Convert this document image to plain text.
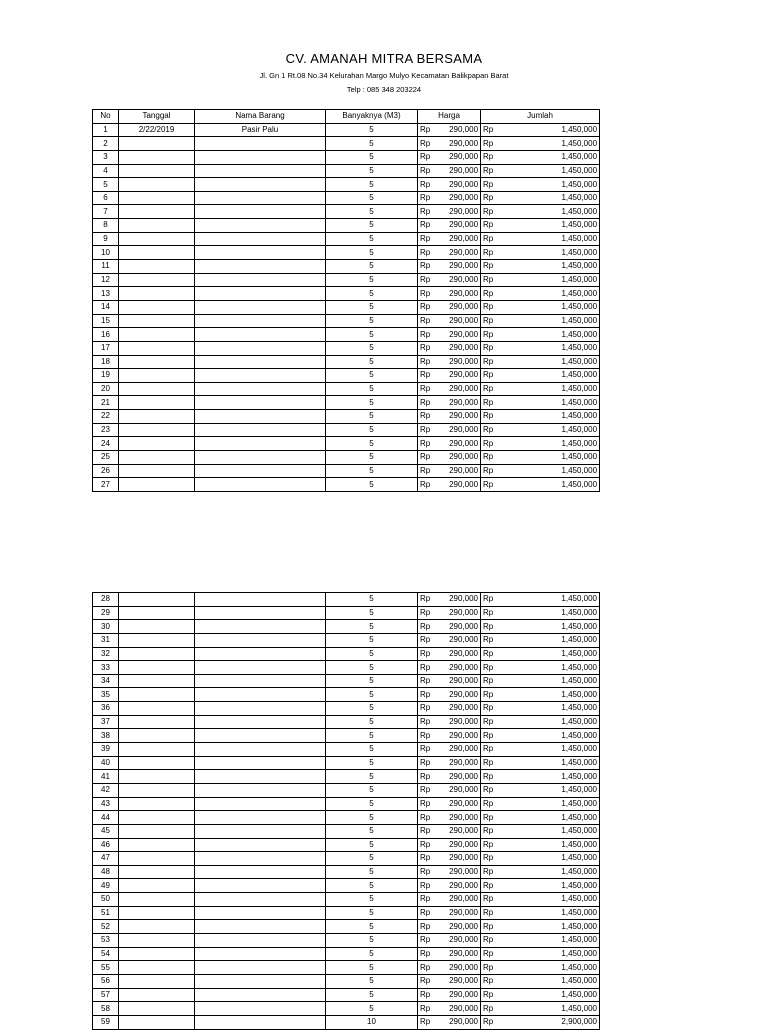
CV. AMANAH MITRA BERSAMA
Jl. Gn 1 Rt.08 No.34 Kelurahan Margo Mulyo Kecamatan Balikpapan Barat
Telp : 085 348 203224
No	Tanggal	Nama Barang	Banyaknya (M3)	Harga		Jumlah	
1	2/22/2019	Pasir Palu	5	Rp	290,000	Rp	1,450,000
2			5	Rp	290,000	Rp	1,450,000
3			5	Rp	290,000	Rp	1,450,000
4			5	Rp	290,000	Rp	1,450,000
5			5	Rp	290,000	Rp	1,450,000
6			5	Rp	290,000	Rp	1,450,000
7			5	Rp	290,000	Rp	1,450,000
8			5	Rp	290,000	Rp	1,450,000
9			5	Rp	290,000	Rp	1,450,000
10			5	Rp	290,000	Rp	1,450,000
11			5	Rp	290,000	Rp	1,450,000
12			5	Rp	290,000	Rp	1,450,000
13			5	Rp	290,000	Rp	1,450,000
14			5	Rp	290,000	Rp	1,450,000
15			5	Rp	290,000	Rp	1,450,000
16			5	Rp	290,000	Rp	1,450,000
17			5	Rp	290,000	Rp	1,450,000
18			5	Rp	290,000	Rp	1,450,000
19			5	Rp	290,000	Rp	1,450,000
20			5	Rp	290,000	Rp	1,450,000
21			5	Rp	290,000	Rp	1,450,000
22			5	Rp	290,000	Rp	1,450,000
23			5	Rp	290,000	Rp	1,450,000
24			5	Rp	290,000	Rp	1,450,000
25			5	Rp	290,000	Rp	1,450,000
26			5	Rp	290,000	Rp	1,450,000
27			5	Rp	290,000	Rp	1,450,000
28			5	Rp	290,000	Rp	1,450,000
29			5	Rp	290,000	Rp	1,450,000
30			5	Rp	290,000	Rp	1,450,000
31			5	Rp	290,000	Rp	1,450,000
32			5	Rp	290,000	Rp	1,450,000
33			5	Rp	290,000	Rp	1,450,000
34			5	Rp	290,000	Rp	1,450,000
35			5	Rp	290,000	Rp	1,450,000
36			5	Rp	290,000	Rp	1,450,000
37			5	Rp	290,000	Rp	1,450,000
38			5	Rp	290,000	Rp	1,450,000
39			5	Rp	290,000	Rp	1,450,000
40			5	Rp	290,000	Rp	1,450,000
41			5	Rp	290,000	Rp	1,450,000
42			5	Rp	290,000	Rp	1,450,000
43			5	Rp	290,000	Rp	1,450,000
44			5	Rp	290,000	Rp	1,450,000
45			5	Rp	290,000	Rp	1,450,000
46			5	Rp	290,000	Rp	1,450,000
47			5	Rp	290,000	Rp	1,450,000
48			5	Rp	290,000	Rp	1,450,000
49			5	Rp	290,000	Rp	1,450,000
50			5	Rp	290,000	Rp	1,450,000
51			5	Rp	290,000	Rp	1,450,000
52			5	Rp	290,000	Rp	1,450,000
53			5	Rp	290,000	Rp	1,450,000
54			5	Rp	290,000	Rp	1,450,000
55			5	Rp	290,000	Rp	1,450,000
56			5	Rp	290,000	Rp	1,450,000
57			5	Rp	290,000	Rp	1,450,000
58			5	Rp	290,000	Rp	1,450,000
59			10	Rp	290,000	Rp	2,900,000
